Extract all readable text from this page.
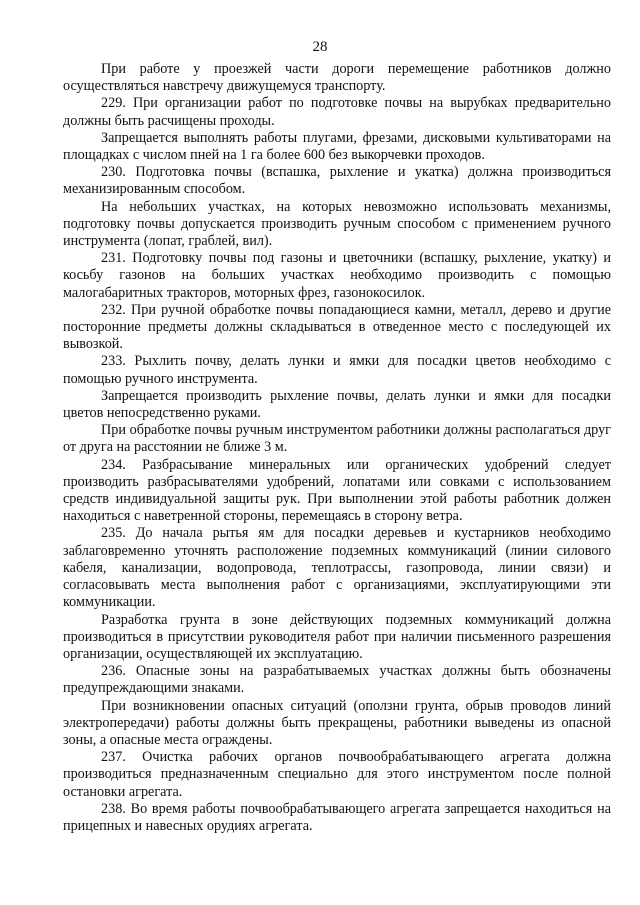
28

При работе у проезжей части дороги перемещение работников должно осуществляться навстречу движущемуся транспорту.

229. При организации работ по подготовке почвы на вырубках предварительно должны быть расчищены проходы.

Запрещается выполнять работы плугами, фрезами, дисковыми культиваторами на площадках с числом пней на 1 га более 600 без выкорчевки проходов.

230. Подготовка почвы (вспашка, рыхление и укатка) должна производиться механизированным способом.

На небольших участках, на которых невозможно использовать механизмы, подготовку почвы допускается производить ручным способом с применением ручного инструмента (лопат, граблей, вил).

231. Подготовку почвы под газоны и цветочники (вспашку, рыхление, укатку) и косьбу газонов на больших участках необходимо производить с помощью малогабаритных тракторов, моторных фрез, газонокосилок.

232. При ручной обработке почвы попадающиеся камни, металл, дерево и другие посторонние предметы должны складываться в отведенное место с последующей их вывозкой.

233. Рыхлить почву, делать лунки и ямки для посадки цветов необходимо с помощью ручного инструмента.

Запрещается производить рыхление почвы, делать лунки и ямки для посадки цветов непосредственно руками.

При обработке почвы ручным инструментом работники должны располагаться друг от друга на расстоянии не ближе 3 м.

234. Разбрасывание минеральных или органических удобрений следует производить разбрасывателями удобрений, лопатами или совками с использованием средств индивидуальной защиты рук. При выполнении этой работы работник должен находиться с наветренной стороны, перемещаясь в сторону ветра.

235. До начала рытья ям для посадки деревьев и кустарников необходимо заблаговременно уточнять расположение подземных коммуникаций (линии силового кабеля, канализации, водопровода, теплотрассы, газопровода, линии связи) и согласовывать места выполнения работ с организациями, эксплуатирующими эти коммуникации.

Разработка грунта в зоне действующих подземных коммуникаций должна производиться в присутствии руководителя работ при наличии письменного разрешения организации, осуществляющей их эксплуатацию.

236. Опасные зоны на разрабатываемых участках должны быть обозначены предупреждающими знаками.

При возникновении опасных ситуаций (оползни грунта, обрыв проводов линий электропередачи) работы должны быть прекращены, работники выведены из опасной зоны, а опасные места ограждены.

237. Очистка рабочих органов почвообрабатывающего агрегата должна производиться предназначенным специально для этого инструментом после полной остановки агрегата.

238. Во время работы почвообрабатывающего агрегата запрещается находиться на прицепных и навесных орудиях агрегата.
